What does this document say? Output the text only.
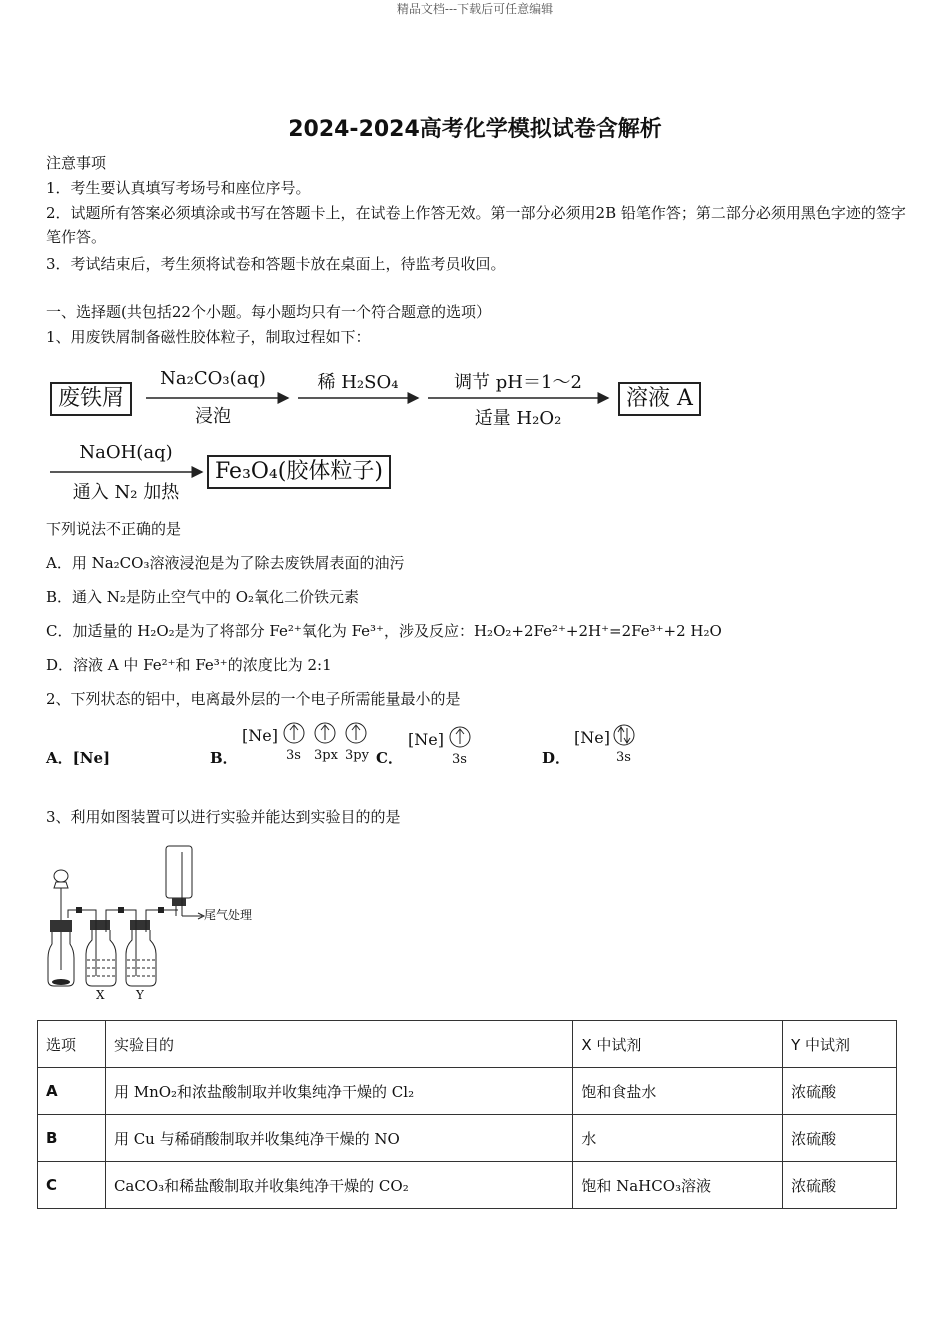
精品文档---下载后可任意编辑
2024-2024高考化学模拟试卷含解析
注意事项
1．考生要认真填写考场号和座位序号。
2．试题所有答案必须填涂或书写在答题卡上，在试卷上作答无效。第一部分必须用2B 铅笔作答；第二部分必须用黑色字迹的签字笔作答。
3．考试结束后，考生须将试卷和答题卡放在桌面上，待监考员收回。
一、选择题(共包括22个小题。每小题均只有一个符合题意的选项）
1、用废铁屑制备磁性胶体粒子，制取过程如下：
废铁屑
Na₂CO₃(aq)
浸泡
稀 H₂SO₄	调节 pH＝1～2
适量 H₂O₂
溶液 A
NaOH(aq)
通入 N₂ 加热
Fe₃O₄(胶体粒子)
下列说法不正确的是
A．用 Na₂CO₃溶液浸泡是为了除去废铁屑表面的油污
B．通入 N₂是防止空气中的 O₂氧化二价铁元素
C．加适量的 H₂O₂是为了将部分 Fe²⁺氧化为 Fe³⁺，涉及反应：H₂O₂+2Fe²⁺+2H⁺=2Fe³⁺+2 H₂O
D．溶液 A 中 Fe²⁺和 Fe³⁺的浓度比为 2:1
2、下列状态的铝中，电离最外层的一个电子所需能量最小的是
A．[Ne]	B．
[Ne]
3s 3px 3py C．
[Ne]
3s	D．
[Ne]
3s
3、利用如图装置可以进行实验并能达到实验目的的是
尾气处理
X	Y
选项	实验目的	X 中试剂	Y 中试剂
A	用 MnO₂和浓盐酸制取并收集纯净干燥的 Cl₂	饱和食盐水	浓硫酸
B	用 Cu 与稀硝酸制取并收集纯净干燥的 NO	水	浓硫酸
C	CaCO₃和稀盐酸制取并收集纯净干燥的 CO₂	饱和 NaHCO₃溶液	浓硫酸
